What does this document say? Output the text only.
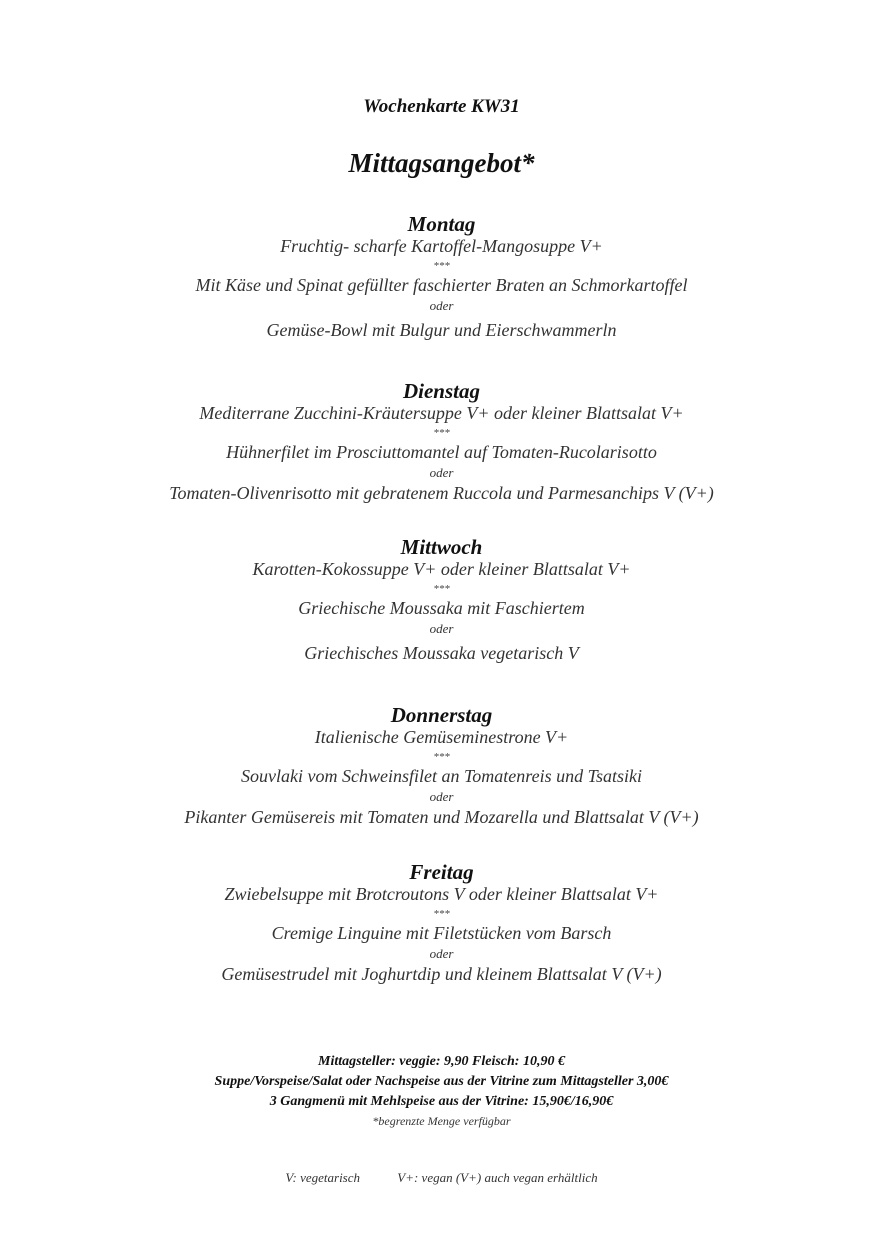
Wochenkarte KW31
Mittagsangebot*
Montag
Fruchtig- scharfe Kartoffel-Mangosuppe V+
***
Mit Käse und Spinat gefüllter faschierter Braten an Schmorkartoffel
oder
Gemüse-Bowl mit Bulgur und Eierschwammerln
Dienstag
Mediterrane Zucchini-Kräutersuppe V+ oder kleiner Blattsalat V+
***
Hühnerfilet im Prosciuttomantel auf Tomaten-Rucolarisotto
oder
Tomaten-Olivenrisotto mit gebratenem Ruccola und Parmesanchips V (V+)
Mittwoch
Karotten-Kokossuppe V+ oder kleiner Blattsalat V+
***
Griechische Moussaka mit Faschiertem
oder
Griechisches Moussaka vegetarisch V
Donnerstag
Italienische Gemüseminestrone V+
***
Souvlaki vom Schweinsfilet an Tomatenreis und Tsatsiki
oder
Pikanter Gemüsereis mit Tomaten und Mozarella und Blattsalat V (V+)
Freitag
Zwiebelsuppe mit Brotcroutons V oder kleiner Blattsalat V+
***
Cremige Linguine mit Filetstücken vom Barsch
oder
Gemüsestrudel mit Joghurtdip und kleinem Blattsalat V (V+)
Mittagsteller: veggie: 9,90 Fleisch: 10,90 €
Suppe/Vorspeise/Salat oder Nachspeise aus der Vitrine zum Mittagsteller 3,00€
3 Gangmenü mit Mehlspeise aus der Vitrine: 15,90€/16,90€
*begrenzte Menge verfügbar
V: vegetarisch	V+: vegan (V+) auch vegan erhältlich
